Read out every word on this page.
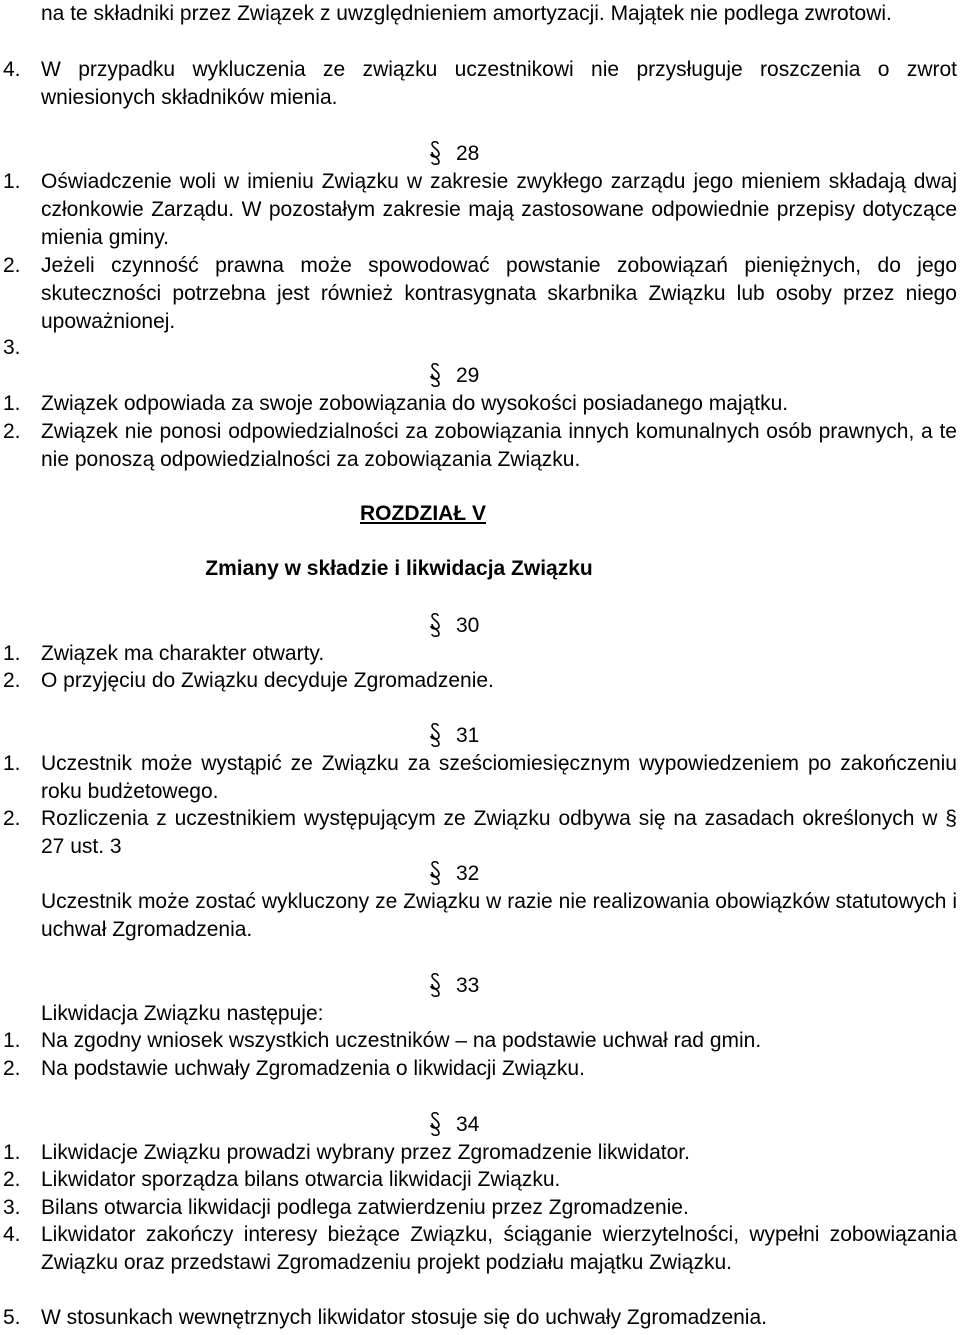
na te składniki przez Związek z uwzględnieniem amortyzacji. Majątek nie podlega zwrotowi.
4. W przypadku wykluczenia ze związku uczestnikowi nie przysługuje roszczenia o zwrot wniesionych składników mienia.
28
1. Oświadczenie woli w imieniu Związku w zakresie zwykłego zarządu jego mieniem składają dwaj członkowie Zarządu. W pozostałym zakresie mają zastosowane odpowiednie przepisy dotyczące mienia gminy.
2. Jeżeli czynność prawna może spowodować powstanie zobowiązań pieniężnych, do jego skuteczności potrzebna jest również kontrasygnata skarbnika Związku lub osoby przez niego upoważnionej.
3.
29
1. Związek odpowiada za swoje zobowiązania do wysokości posiadanego majątku.
2. Związek nie ponosi odpowiedzialności za zobowiązania innych komunalnych osób prawnych, a te nie ponoszą odpowiedzialności za zobowiązania Związku.
ROZDZIAŁ V
Zmiany w składzie i likwidacja Związku
30
1. Związek ma charakter otwarty.
2. O przyjęciu do Związku decyduje Zgromadzenie.
31
1. Uczestnik może wystąpić ze Związku za sześciomiesięcznym wypowiedzeniem po zakończeniu roku budżetowego.
2. Rozliczenia z uczestnikiem występującym ze Związku odbywa się na zasadach określonych w § 27 ust. 3
32
Uczestnik może zostać wykluczony ze Związku w razie nie realizowania obowiązków statutowych i uchwał Zgromadzenia.
33
Likwidacja Związku następuje:
1. Na zgodny wniosek wszystkich uczestników – na podstawie uchwał rad gmin.
2. Na podstawie uchwały Zgromadzenia o likwidacji Związku.
34
1. Likwidacje Związku prowadzi wybrany przez Zgromadzenie likwidator.
2. Likwidator sporządza bilans otwarcia likwidacji Związku.
3. Bilans otwarcia likwidacji podlega zatwierdzeniu przez Zgromadzenie.
4. Likwidator zakończy interesy bieżące Związku, ściąganie wierzytelności, wypełni zobowiązania Związku oraz przedstawi Zgromadzeniu projekt podziału majątku Związku.
5. W stosunkach wewnętrznych likwidator stosuje się do uchwały Zgromadzenia.
